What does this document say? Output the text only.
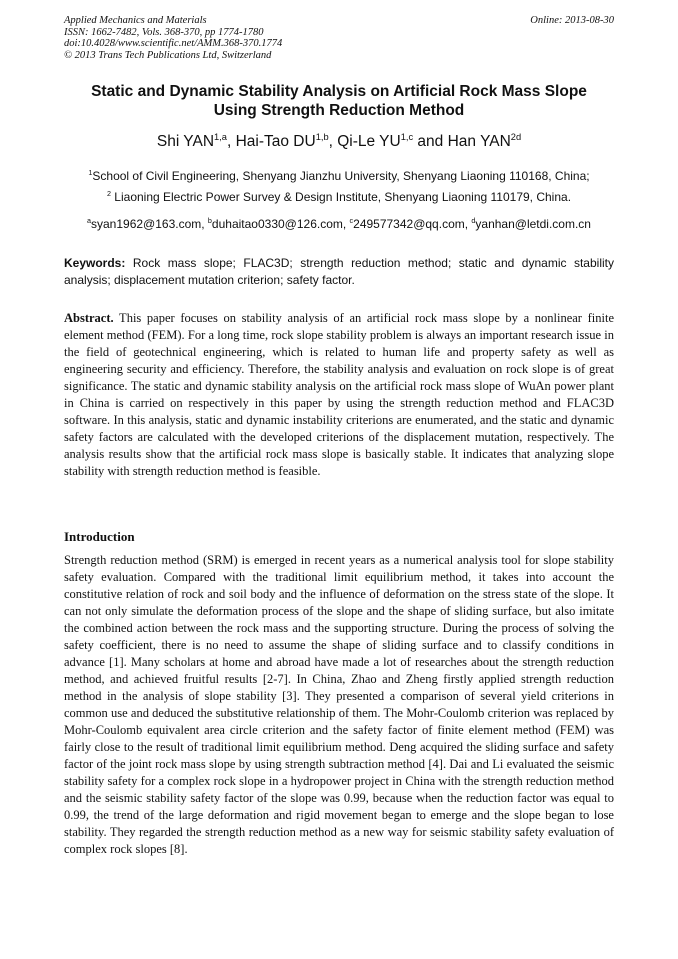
Applied Mechanics and Materials
ISSN: 1662-7482, Vols. 368-370, pp 1774-1780
doi:10.4028/www.scientific.net/AMM.368-370.1774
© 2013 Trans Tech Publications Ltd, Switzerland
Online: 2013-08-30
Static and Dynamic Stability Analysis on Artificial Rock Mass Slope
Using Strength Reduction Method
Shi YAN$^{1,a}$, Hai-Tao DU$^{1,b}$, Qi-Le YU$^{1,c}$ and Han $YAN^{2d}$
$^1$School of Civil Engineering, Shenyang Jianzhu University, Shenyang Liaoning 110168, China;
$^2$ Liaoning Electric Power Survey & Design Institute, Shenyang Liaoning 110179, China.
$^a$syan1962@163.com, $^b$duhaitao0330@126.com, $^c$249577342@qq.com, $^d$yanhan@letdi.com.cn

Keywords: Rock mass slope; FLAC3D; strength reduction method; static and dynamic stability analysis; displacement mutation criterion; safety factor.

Abstract. This paper focuses on stability analysis of an artificial rock mass slope by a nonlinear finite element method (FEM). For a long time, rock slope stability problem is always an important research issue in the field of geotechnical engineering, which is related to human life and property safety as well as engineering security and efficiency. Therefore, the stability analysis and evaluation on rock slope is of great significance. The static and dynamic stability analysis on the artificial rock mass slope of WuAn power plant in China is carried on respectively in this paper by using the strength reduction method and FLAC3D software. In this analysis, static and dynamic instability criterions are enumerated, and the static and dynamic safety factors are calculated with the developed criterions of the displacement mutation, respectively. The analysis results show that the artificial rock mass slope is basically stable. It indicates that analyzing slope stability with strength reduction method is feasible.

Introduction

Strength reduction method (SRM) is emerged in recent years as a numerical analysis tool for slope stability safety evaluation. Compared with the traditional limit equilibrium method, it takes into account the constitutive relation of rock and soil body and the influence of deformation on the stress state of the slope. It can not only simulate the deformation process of the slope and the shape of sliding surface, but also imitate the combined action between the rock mass and the supporting structure. During the process of solving the safety coefficient, there is no need to assume the shape of sliding surface and to classify conditions in advance [1]. Many scholars at home and abroad have made a lot of researches about the strength reduction method, and achieved fruitful results [2-7]. In China, Zhao and Zheng firstly applied strength reduction method in the analysis of slope stability [3]. They presented a comparison of several yield criterions in common use and deduced the substitutive relationship of them. The Mohr-Coulomb criterion was replaced by Mohr-Coulomb equivalent area circle criterion and the safety factor of finite element method (FEM) was fairly close to the result of traditional limit equilibrium method. Deng acquired the sliding surface and safety factor of the joint rock mass slope by using strength subtraction method [4]. Dai and Li evaluated the seismic stability safety for a complex rock slope in a hydropower project in China with the strength reduction method and the seismic stability safety factor of the slope was 0.99, because when the reduction factor was equal to 0.99, the trend of the large deformation and rigid movement began to emerge and the slope began to lose stability. They regarded the strength reduction method as a new way for seismic stability safety evaluation of complex rock slopes [8].
